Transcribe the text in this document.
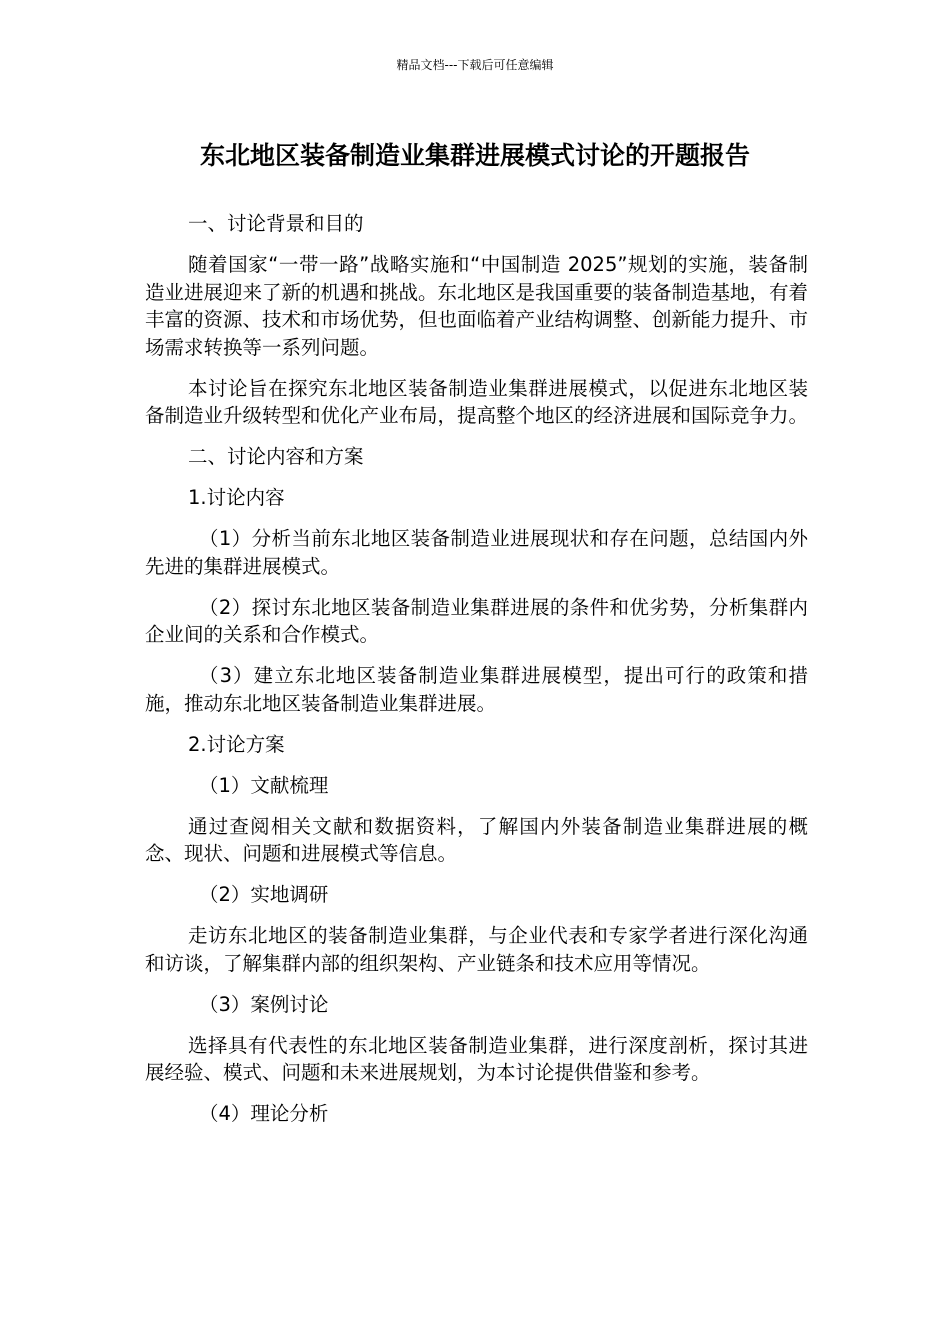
精品文档---下载后可任意编辑
东北地区装备制造业集群进展模式讨论的开题报告

一、讨论背景和目的

随着国家“一带一路”战略实施和“中国制造 2025”规划的实施，装备制造业进展迎来了新的机遇和挑战。东北地区是我国重要的装备制造基地，有着丰富的资源、技术和市场优势，但也面临着产业结构调整、创新能力提升、市场需求转换等一系列问题。

本讨论旨在探究东北地区装备制造业集群进展模式，以促进东北地区装备制造业升级转型和优化产业布局，提高整个地区的经济进展和国际竞争力。

二、讨论内容和方案

1.讨论内容

（1）分析当前东北地区装备制造业进展现状和存在问题，总结国内外先进的集群进展模式。

（2）探讨东北地区装备制造业集群进展的条件和优劣势，分析集群内企业间的关系和合作模式。

（3）建立东北地区装备制造业集群进展模型，提出可行的政策和措施，推动东北地区装备制造业集群进展。

2.讨论方案

（1）文献梳理

通过查阅相关文献和数据资料，了解国内外装备制造业集群进展的概念、现状、问题和进展模式等信息。

（2）实地调研

走访东北地区的装备制造业集群，与企业代表和专家学者进行深化沟通和访谈，了解集群内部的组织架构、产业链条和技术应用等情况。

（3）案例讨论

选择具有代表性的东北地区装备制造业集群，进行深度剖析，探讨其进展经验、模式、问题和未来进展规划，为本讨论提供借鉴和参考。

（4）理论分析
